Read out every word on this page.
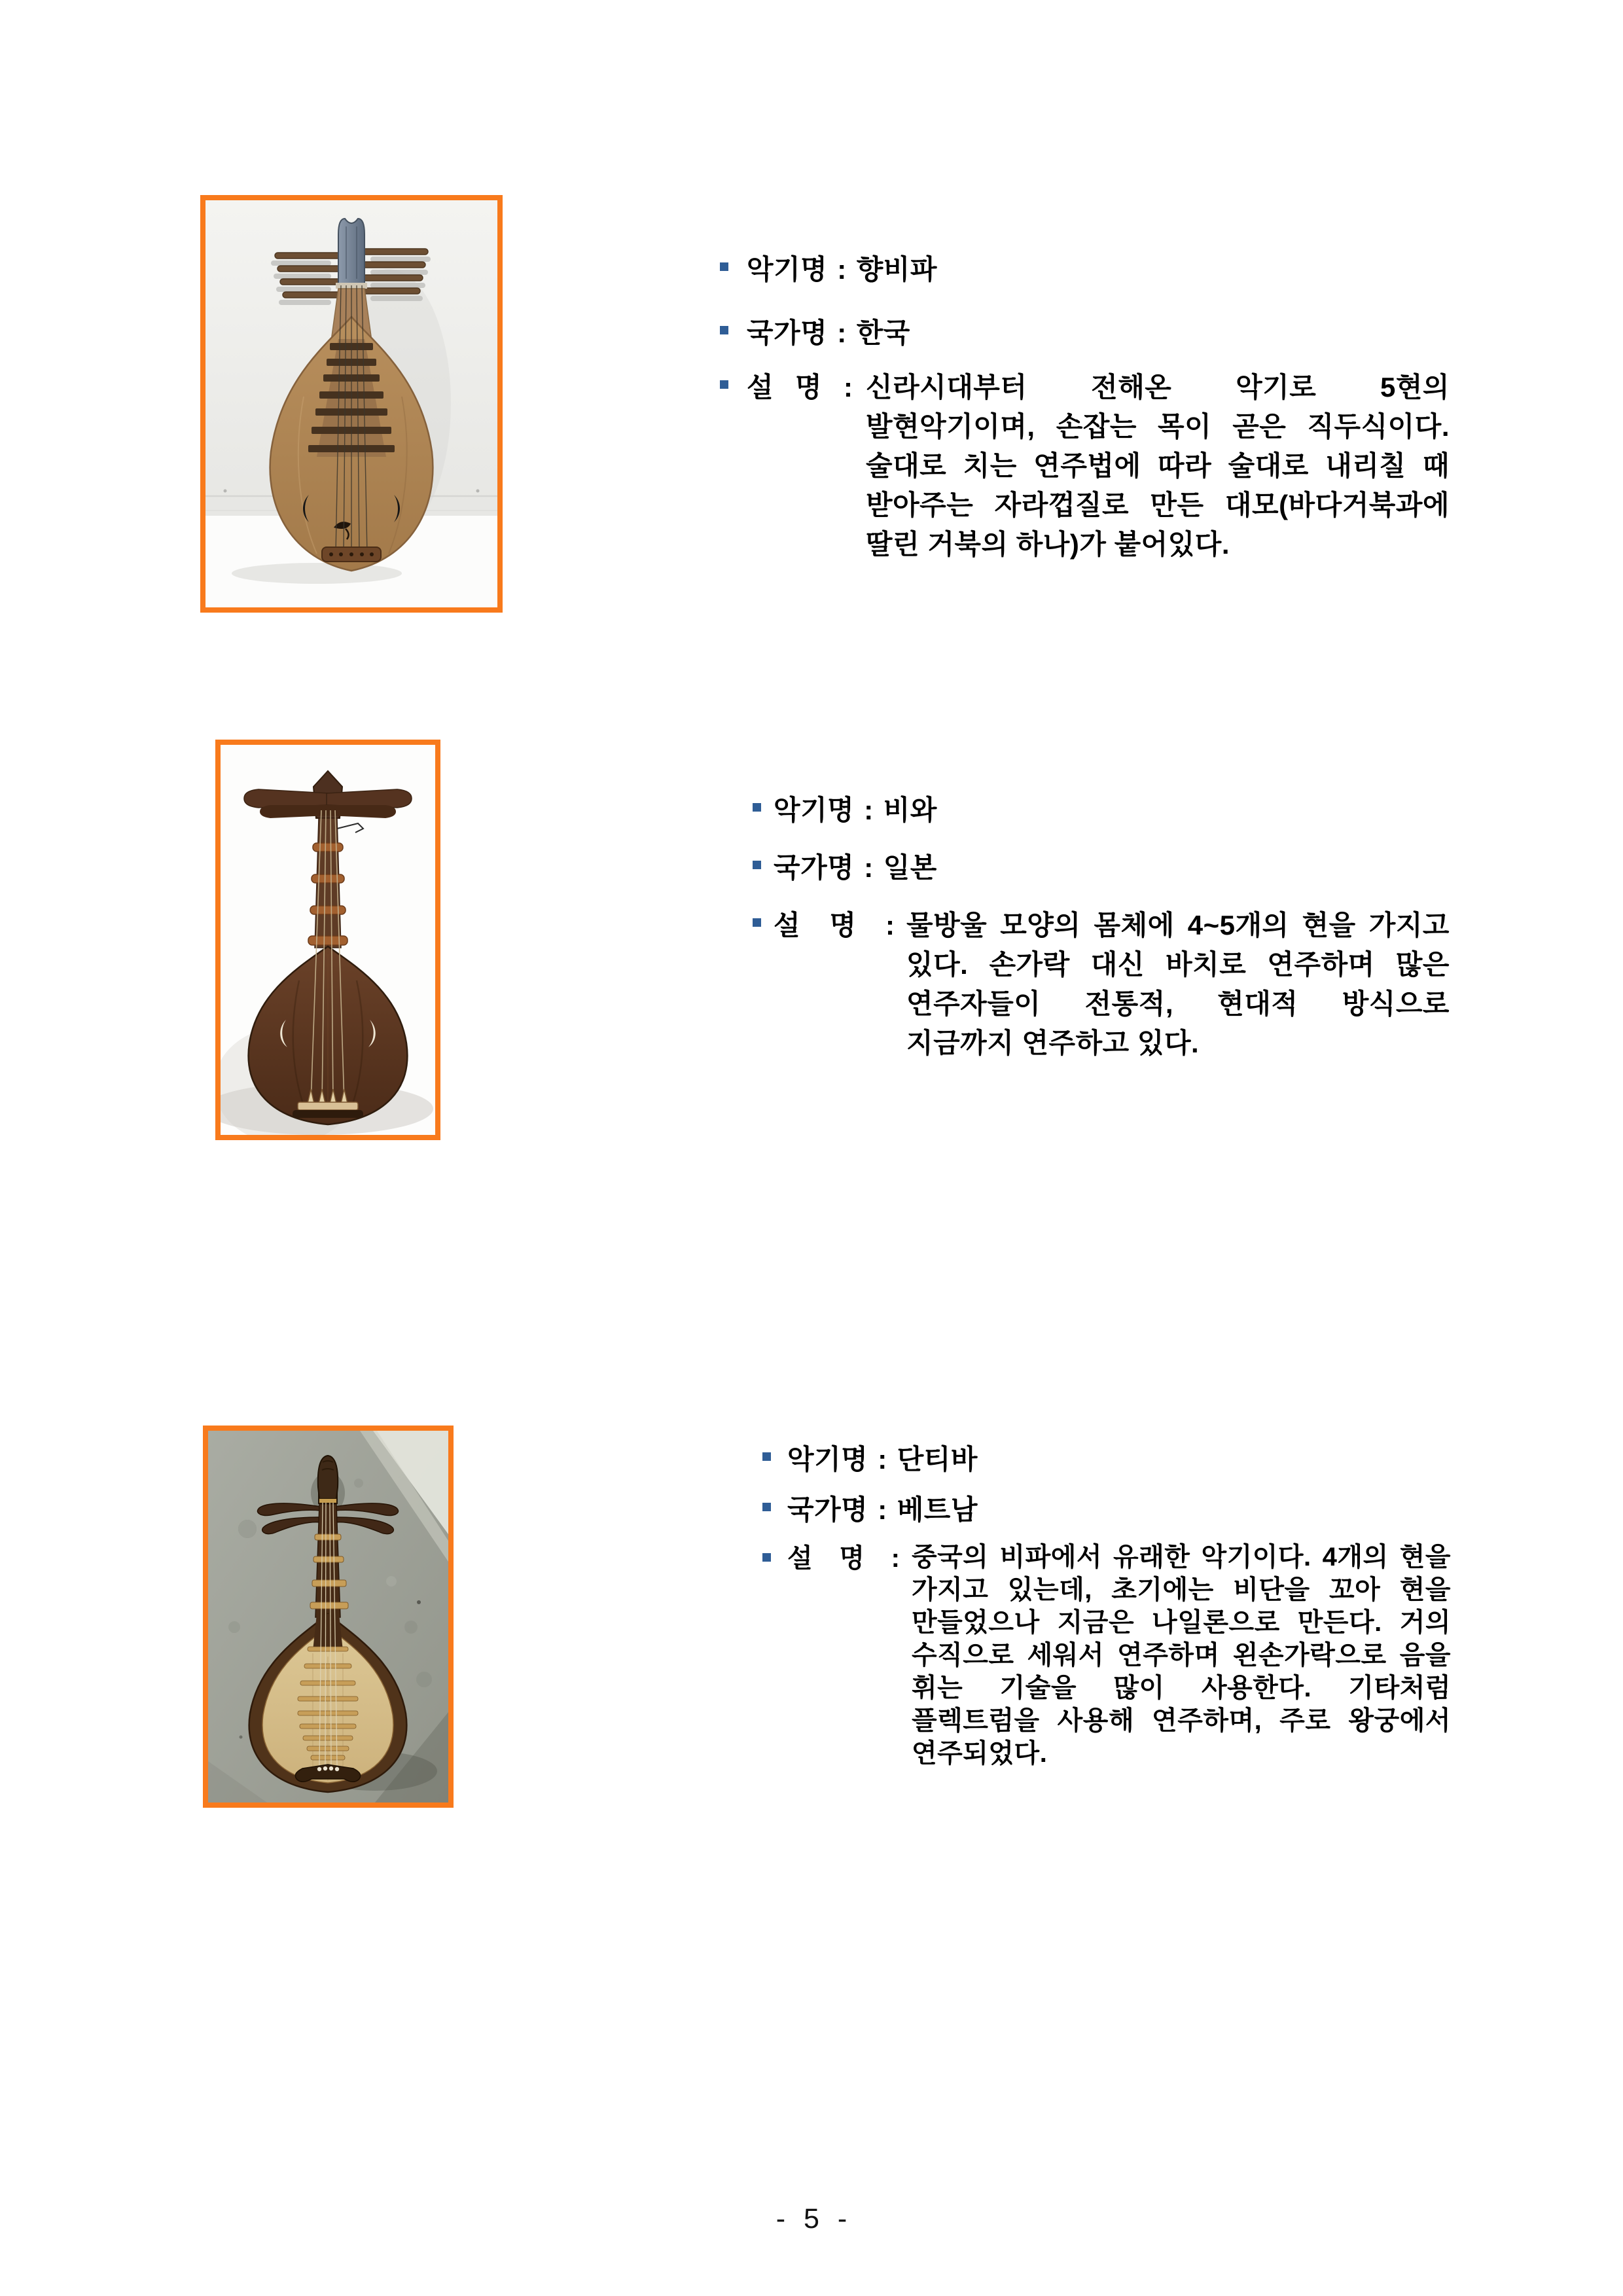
악기명 : 향비파
국가명 : 한국
설 명 : 신라시대부터 전해온 악기로 5현의 발현악기이며, 손잡는 목이 곧은 직두식이다. 술대로 치는 연주법에 따라 술대로 내리칠 때 받아주는 자라껍질로 만든 대모(바다거북과에 딸린 거북의 하나)가 붙어있다.
악기명 : 비와
국가명 : 일본
설 명 : 물방울 모양의 몸체에 4~5개의 현을 가지고 있다. 손가락 대신 바치로 연주하며 많은 연주자들이 전통적, 현대적 방식으로 지금까지 연주하고 있다.
악기명 : 단티바
국가명 : 베트남
설 명 : 중국의 비파에서 유래한 악기이다. 4개의 현을 가지고 있는데, 초기에는 비단을 꼬아 현을 만들었으나 지금은 나일론으로 만든다. 거의 수직으로 세워서 연주하며 왼손가락으로 음을 휘는 기술을 많이 사용한다. 기타처럼 플렉트럼을 사용해 연주하며, 주로 왕궁에서 연주되었다.
- 5 -
